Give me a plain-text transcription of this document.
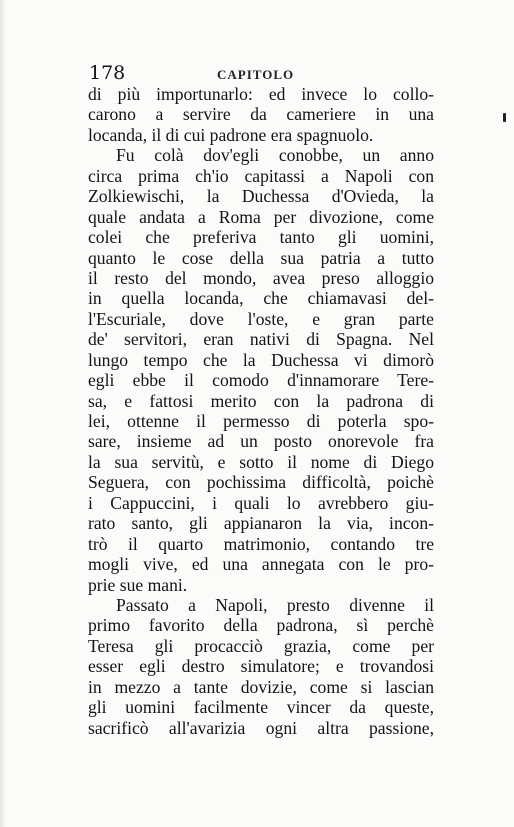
178	CAPITOLO
di più importunarlo: ed invece lo collo-
carono a servire da cameriere in una
locanda, il di cui padrone era spagnuolo.
Fu colà dov'egli conobbe, un anno
circa prima ch'io capitassi a Napoli con
Zolkiewischi, la Duchessa d'Ovieda, la
quale andata a Roma per divozione, come
colei che preferiva tanto gli uomini,
quanto le cose della sua patria a tutto
il resto del mondo, avea preso alloggio
in quella locanda, che chiamavasi del-
l'Escuriale, dove l'oste, e gran parte
de' servitori, eran nativi di Spagna. Nel
lungo tempo che la Duchessa vi dimorò
egli ebbe il comodo d'innamorare Tere-
sa, e fattosi merito con la padrona di
lei, ottenne il permesso di poterla spo-
sare, insieme ad un posto onorevole fra
la sua servitù, e sotto il nome di Diego
Seguera, con pochissima difficoltà, poichè
i Cappuccini, i quali lo avrebbero giu-
rato santo, gli appianaron la via, incon-
trò il quarto matrimonio, contando tre
mogli vive, ed una annegata con le pro-
prie sue mani.
Passato a Napoli, presto divenne il
primo favorito della padrona, sì perchè
Teresa gli procacciò grazia, come per
esser egli destro simulatore; e trovandosi
in mezzo a tante dovizie, come si lascian
gli uomini facilmente vincer da queste,
sacrificò all'avarizia ogni altra passione,
